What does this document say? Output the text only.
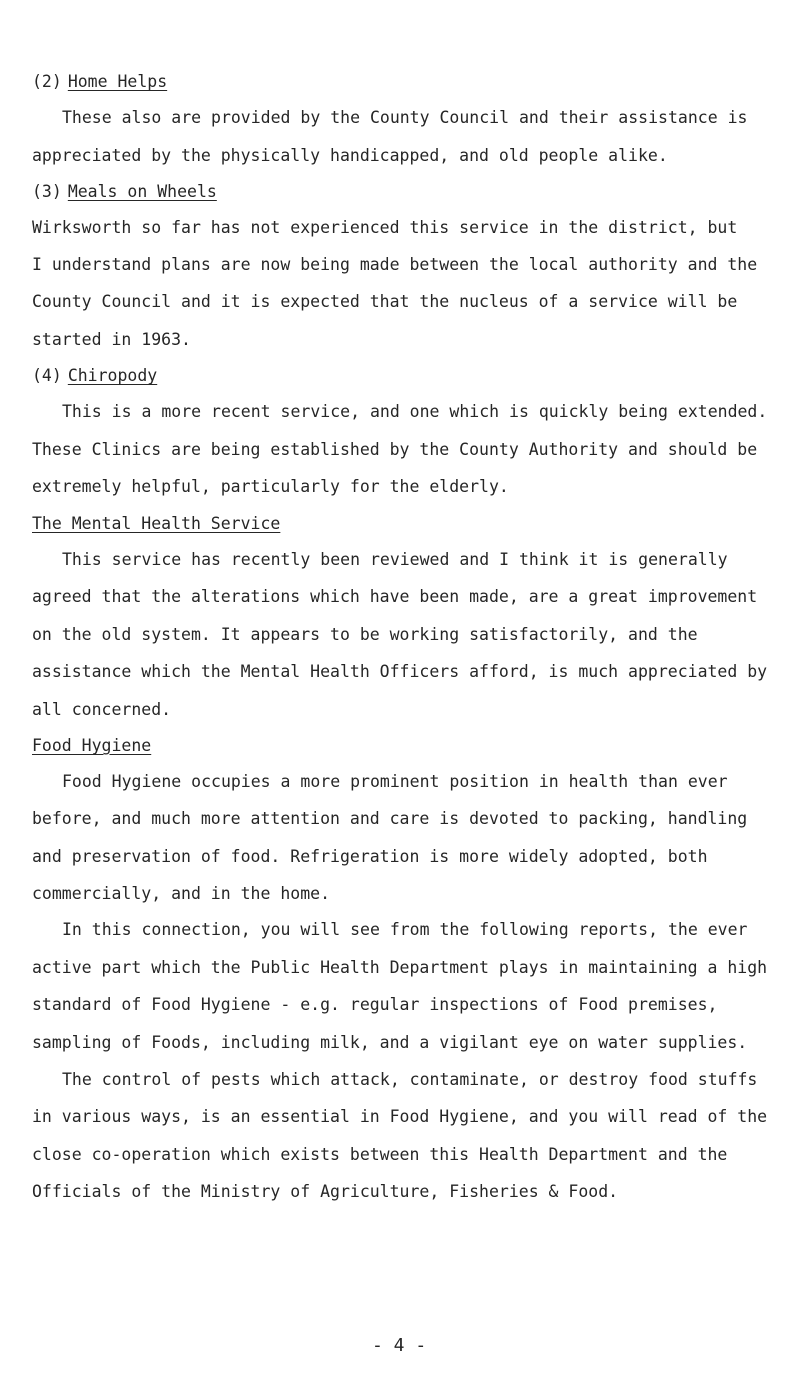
(2) Home Helps
These also are provided by the County Council and their assistance is
appreciated by the physically handicapped, and old people alike.
(3) Meals on Wheels
Wirksworth so far has not experienced this service in the district, but
I understand plans are now being made between the local authority and the
County Council and it is expected that the nucleus of a service will be
started in 1963.
(4) Chiropody
This is a more recent service, and one which is quickly being extended.
These Clinics are being established by the County Authority and should be
extremely helpful, particularly for the elderly.
The Mental Health Service
This service has recently been reviewed and I think it is generally
agreed that the alterations which have been made, are a great improvement
on the old system. It appears to be working satisfactorily, and the
assistance which the Mental Health Officers afford, is much appreciated by
all concerned.
Food Hygiene
Food Hygiene occupies a more prominent position in health than ever
before, and much more attention and care is devoted to packing, handling
and preservation of food. Refrigeration is more widely adopted, both
commercially, and in the home.
In this connection, you will see from the following reports, the ever
active part which the Public Health Department plays in maintaining a high
standard of Food Hygiene - e.g. regular inspections of Food premises,
sampling of Foods, including milk, and a vigilant eye on water supplies.
The control of pests which attack, contaminate, or destroy food stuffs
in various ways, is an essential in Food Hygiene, and you will read of the
close co-operation which exists between this Health Department and the
Officials of the Ministry of Agriculture, Fisheries & Food.
- 4 -
